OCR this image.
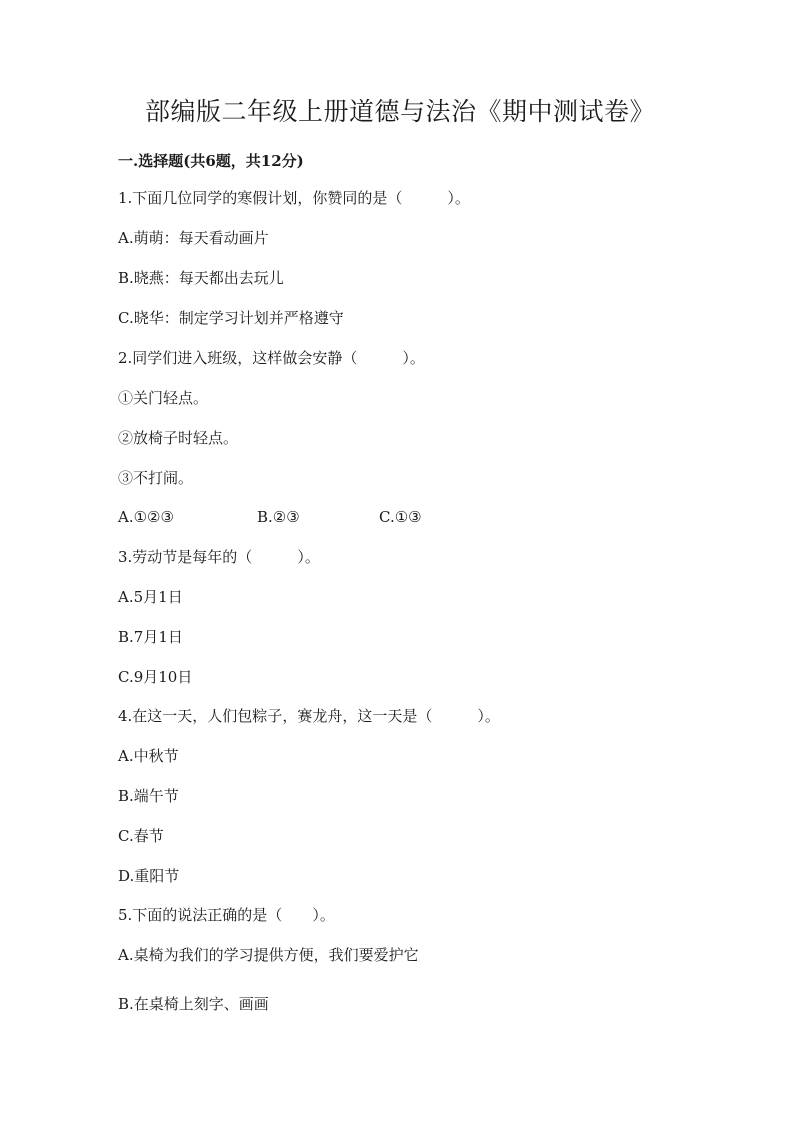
部编版二年级上册道德与法治《期中测试卷》
一.选择题(共6题，共12分)
1.下面几位同学的寒假计划，你赞同的是（　　　）。
A.萌萌：每天看动画片
B.晓燕：每天都出去玩儿
C.晓华：制定学习计划并严格遵守
2.同学们进入班级，这样做会安静（　　　）。
①关门轻点。
②放椅子时轻点。
③不打闹。
A.①②③	B.②③	C.①③
3.劳动节是每年的（　　　）。
A.5月1日
B.7月1日
C.9月10日
4.在这一天，人们包粽子，赛龙舟，这一天是（　　　）。
A.中秋节
B.端午节
C.春节
D.重阳节
5.下面的说法正确的是（　　）。
A.桌椅为我们的学习提供方便，我们要爱护它
B.在桌椅上刻字、画画
